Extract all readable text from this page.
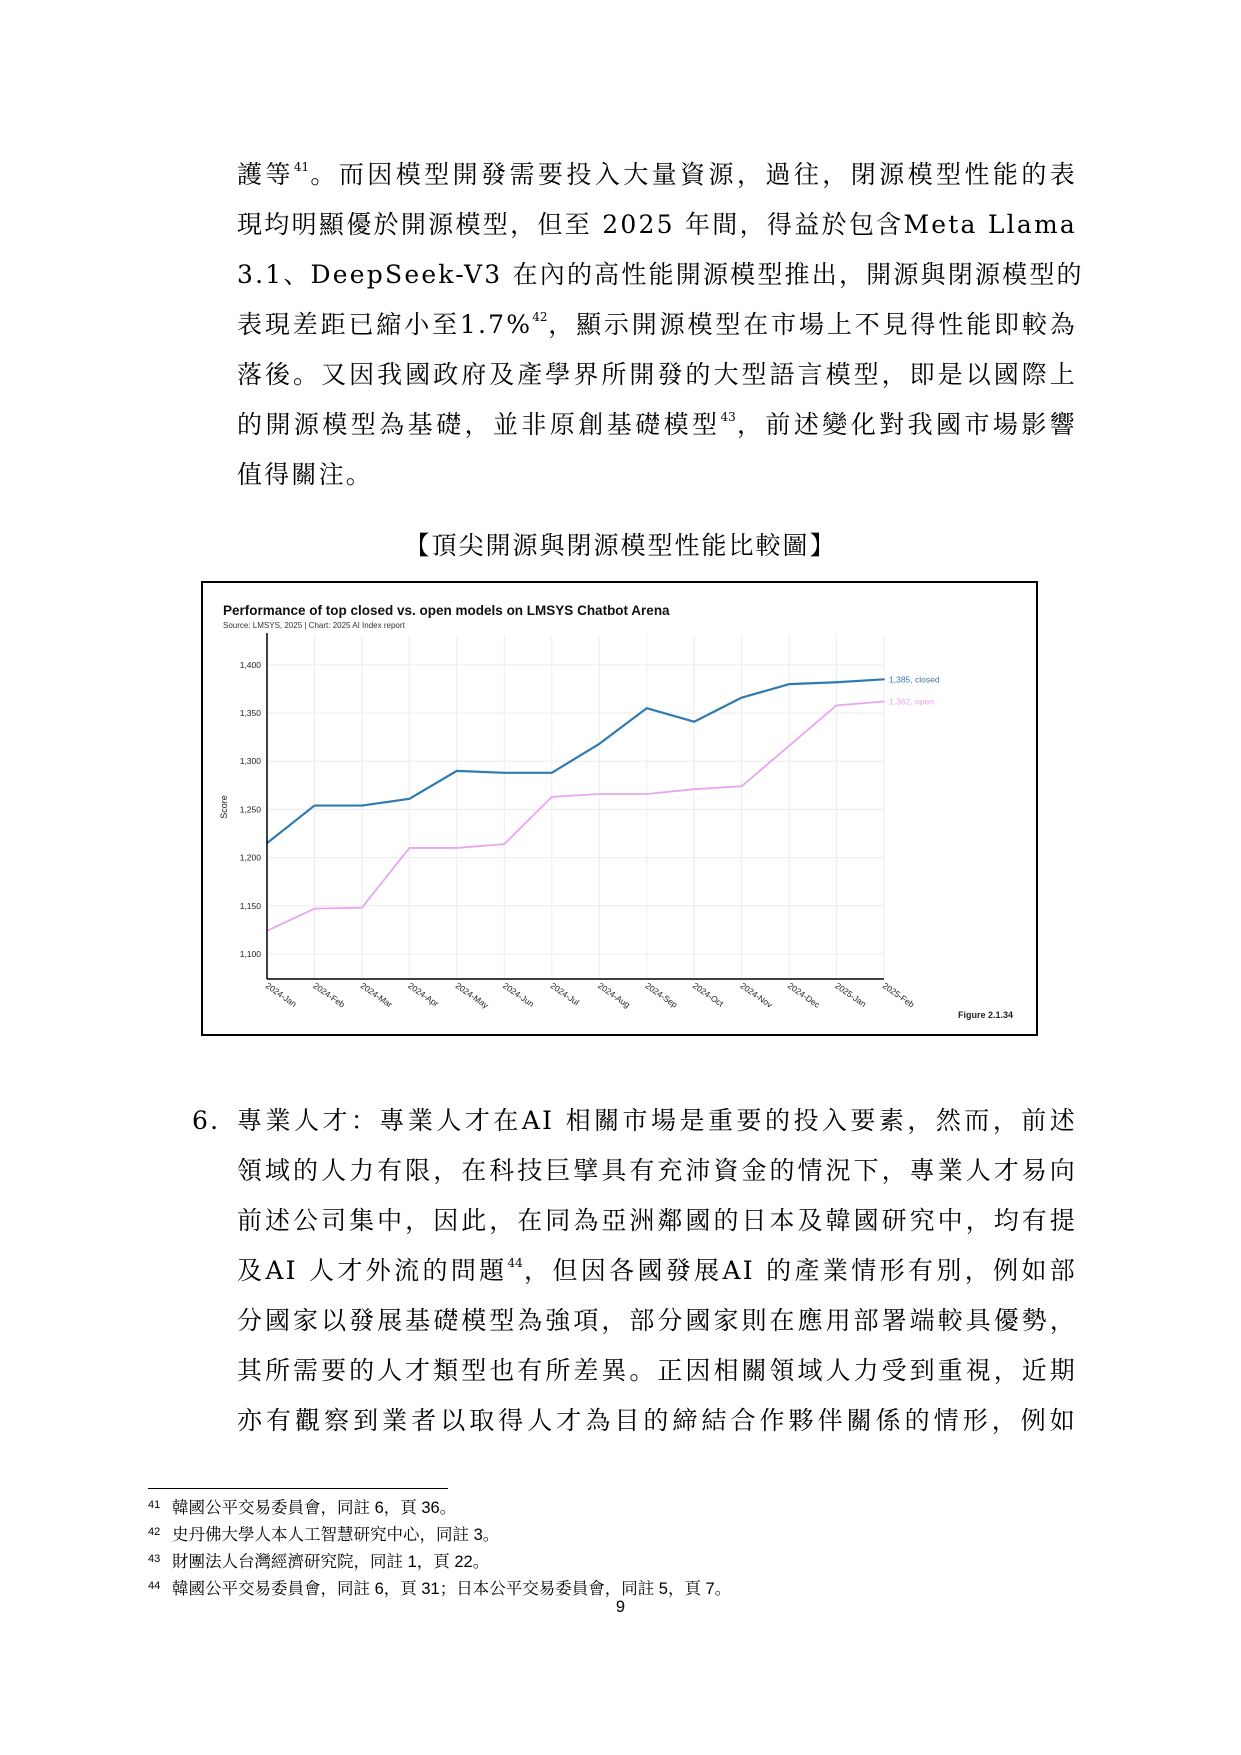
護等$^{41}$。而因模型開發需要投入大量資源，過往，閉源模型性能的表
現均明顯優於開源模型，但至 2025 年間，得益於包含Meta Llama
3.1、DeepSeek-V3 在內的高性能開源模型推出，開源與閉源模型的
表現差距已縮小至1.7%$^{42}$，顯示開源模型在市場上不見得性能即較為
落後。又因我國政府及產學界所開發的大型語言模型，即是以國際上
的開源模型為基礎，並非原創基礎模型$^{43}$，前述變化對我國市場影響
值得關注。
【頂尖開源與閉源模型性能比較圖】
Performance of top closed vs. open models on LMSYS Chatbot Arena
Source: LMSYS, 2025 | Chart: 2025 AI Index report
1,100
1,150
1,200
1,250
1,300
1,350
1,400
2024-Jan 2024-Feb 2024-Mar 2024-Apr 2024-May 2024-Jun 2024-Jul 2024-Aug 2024-Sep 2024-Oct 2024-Nov 2024-Dec 2025-Jan 2025-Feb
Score
1,385, closed
1,362, open
Figure 2.1.34
6. 專業人才：專業人才在AI 相關市場是重要的投入要素，然而，前述
領域的人力有限，在科技巨擘具有充沛資金的情況下，專業人才易向
前述公司集中，因此，在同為亞洲鄰國的日本及韓國研究中，均有提
及AI 人才外流的問題$^{44}$，但因各國發展AI 的產業情形有別，例如部
分國家以發展基礎模型為強項，部分國家則在應用部署端較具優勢，
其所需要的人才類型也有所差異。正因相關領域人力受到重視，近期
亦有觀察到業者以取得人才為目的締結合作夥伴關係的情形，例如
41 韓國公平交易委員會，同註 6，頁 36。
42 史丹佛大學人本人工智慧研究中心，同註 3。
43 財團法人台灣經濟研究院，同註 1，頁 22。
44 韓國公平交易委員會，同註 6，頁 31；日本公平交易委員會，同註 5，頁 7。
9
